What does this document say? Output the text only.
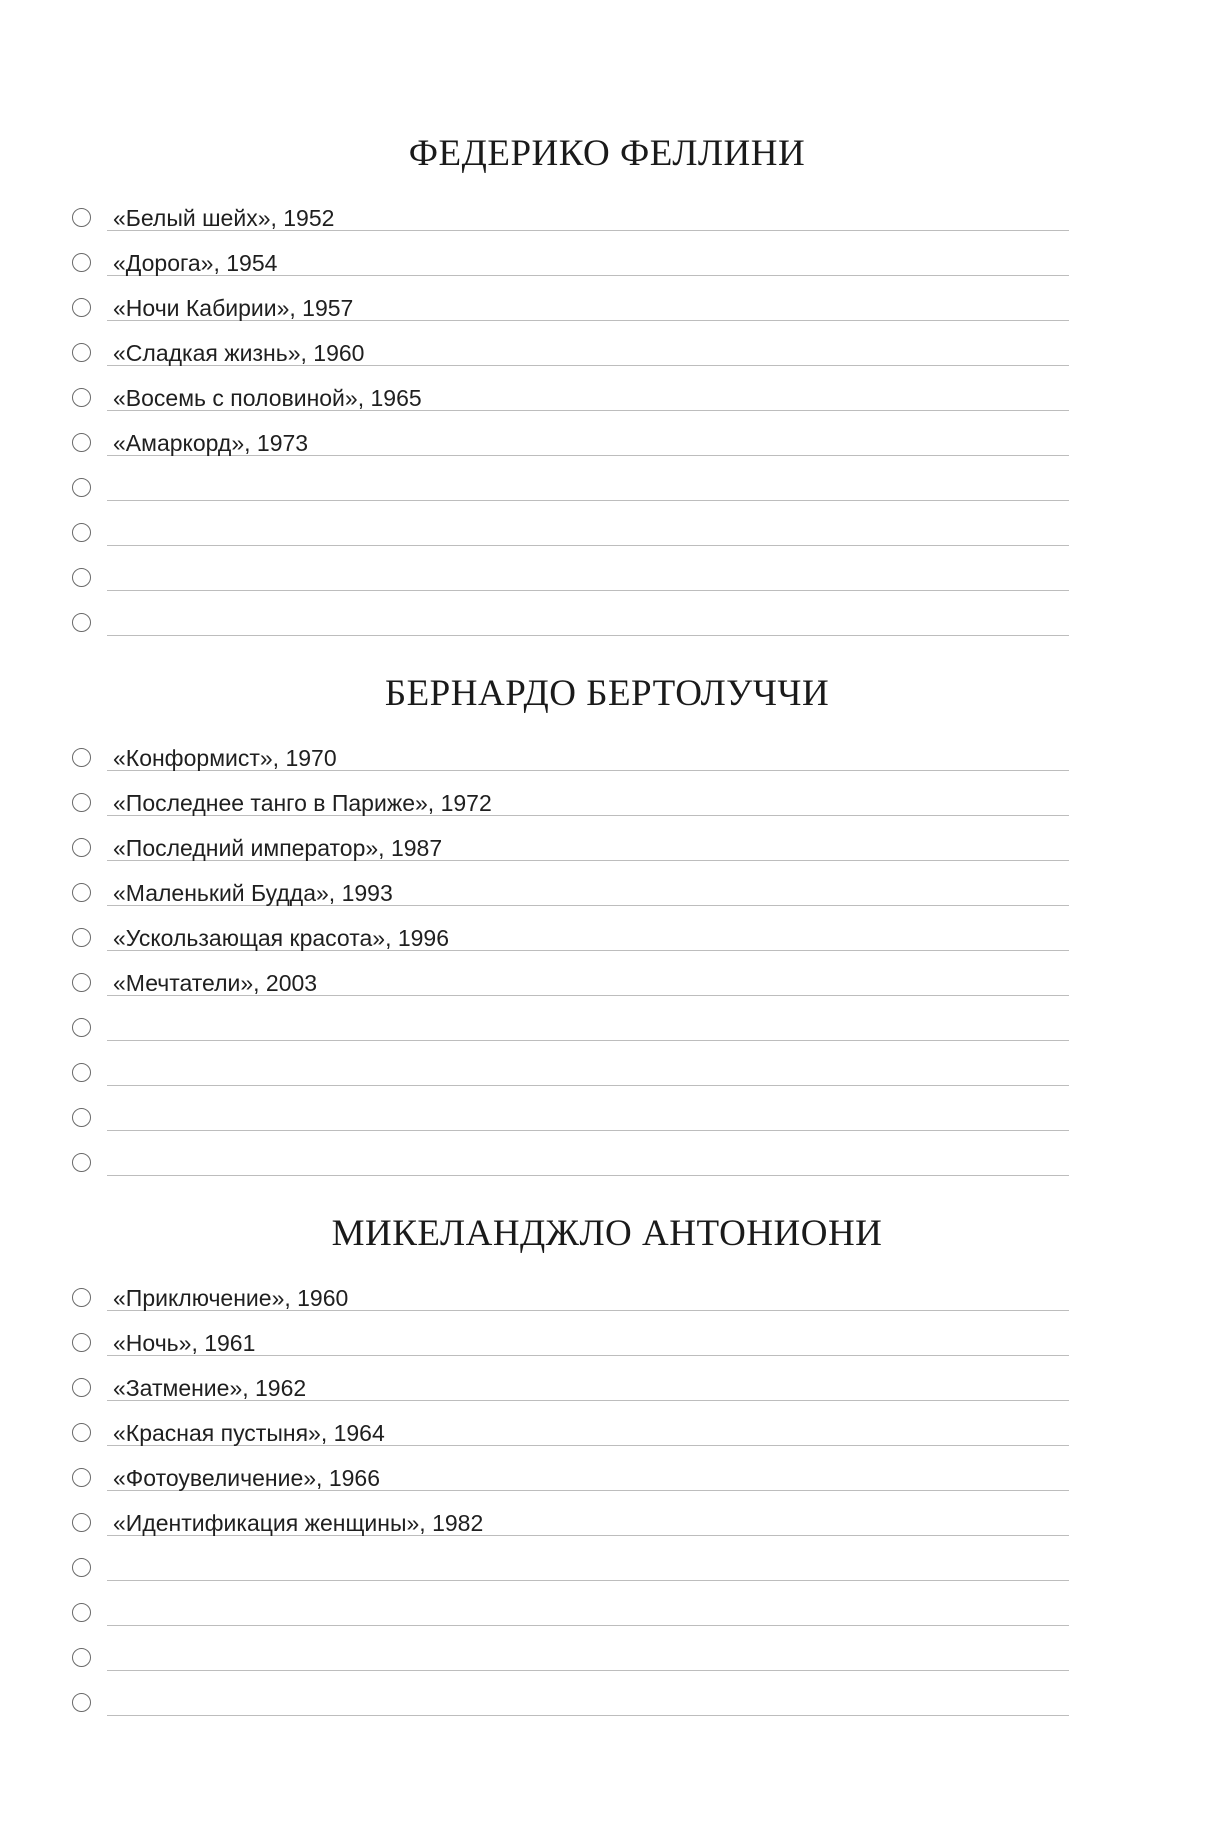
ФЕДЕРИКО ФЕЛЛИНИ
«Белый шейх», 1952
«Дорога», 1954
«Ночи Кабирии», 1957
«Сладкая жизнь», 1960
«Восемь с половиной», 1965
«Амаркорд», 1973
БЕРНАРДО БЕРТОЛУЧЧИ
«Конформист», 1970
«Последнее танго в Париже», 1972
«Последний император», 1987
«Маленький Будда», 1993
«Ускользающая красота», 1996
«Мечтатели», 2003
МИКЕЛАНДЖЛО АНТОНИОНИ
«Приключение», 1960
«Ночь», 1961
«Затмение», 1962
«Красная пустыня», 1964
«Фотоувеличение», 1966
«Идентификация женщины», 1982
